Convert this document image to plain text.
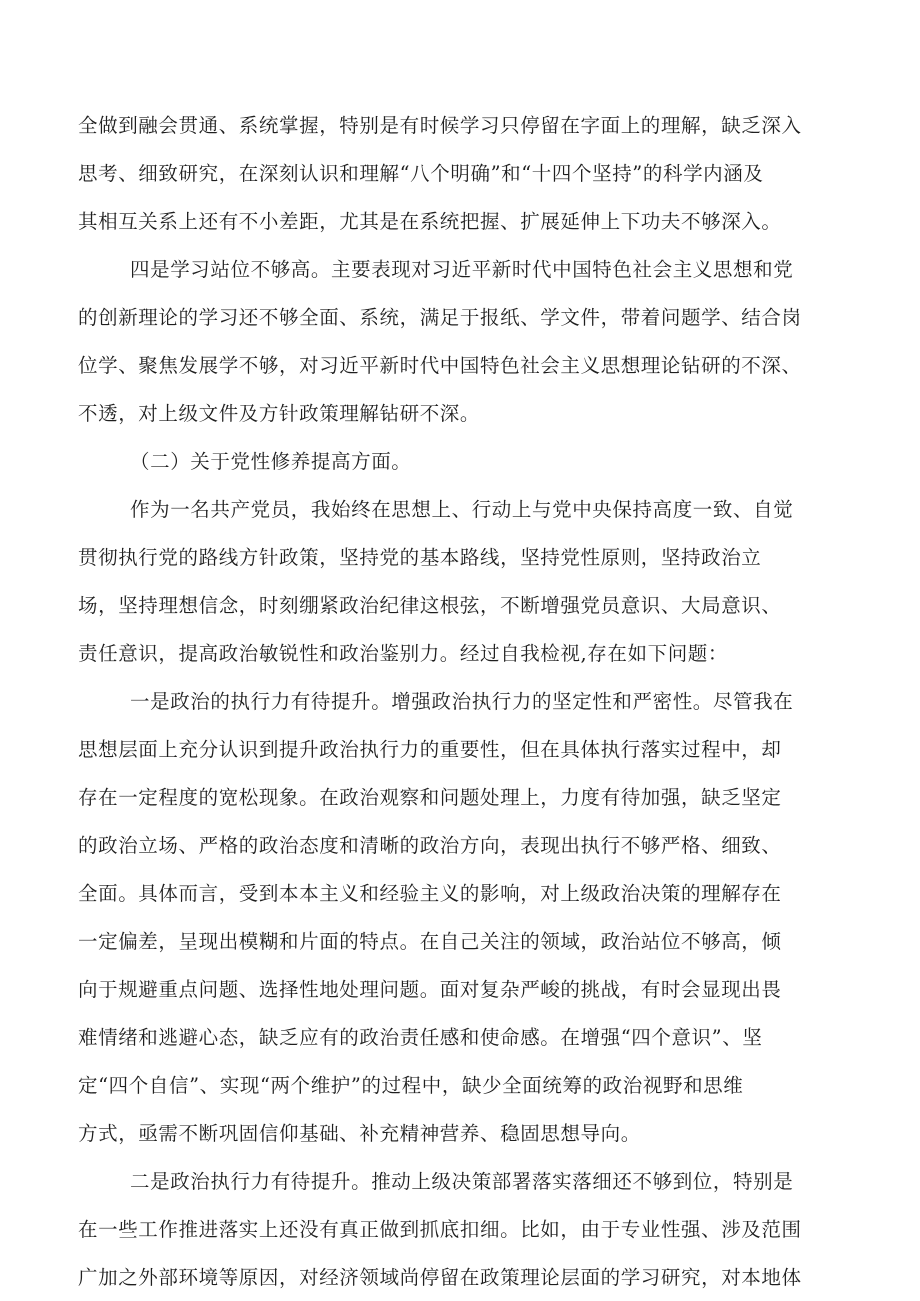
全做到融会贯通、系统掌握，特别是有时候学习只停留在字面上的理解，缺乏深入
思考、细致研究，在深刻认识和理解“八个明确”和“十四个坚持”的科学内涵及
其相互关系上还有不小差距，尤其是在系统把握、扩展延伸上下功夫不够深入。
四是学习站位不够高。主要表现对习近平新时代中国特色社会主义思想和党
的创新理论的学习还不够全面、系统，满足于报纸、学文件，带着问题学、结合岗
位学、聚焦发展学不够，对习近平新时代中国特色社会主义思想理论钻研的不深、
不透，对上级文件及方针政策理解钻研不深。
（二）关于党性修养提高方面。
作为一名共产党员，我始终在思想上、行动上与党中央保持高度一致、自觉
贯彻执行党的路线方针政策，坚持党的基本路线，坚持党性原则，坚持政治立
场，坚持理想信念，时刻绷紧政治纪律这根弦，不断增强党员意识、大局意识、
责任意识，提高政治敏锐性和政治鉴别力。经过自我检视,存在如下问题：
一是政治的执行力有待提升。增强政治执行力的坚定性和严密性。尽管我在
思想层面上充分认识到提升政治执行力的重要性，但在具体执行落实过程中，却
存在一定程度的宽松现象。在政治观察和问题处理上，力度有待加强，缺乏坚定
的政治立场、严格的政治态度和清晰的政治方向，表现出执行不够严格、细致、
全面。具体而言，受到本本主义和经验主义的影响，对上级政治决策的理解存在
一定偏差，呈现出模糊和片面的特点。在自己关注的领域，政治站位不够高，倾
向于规避重点问题、选择性地处理问题。面对复杂严峻的挑战，有时会显现出畏
难情绪和逃避心态，缺乏应有的政治责任感和使命感。在增强“四个意识”、坚
定“四个自信”、实现“两个维护”的过程中，缺少全面统筹的政治视野和思维
方式，亟需不断巩固信仰基础、补充精神营养、稳固思想导向。
二是政治执行力有待提升。推动上级决策部署落实落细还不够到位，特别是
在一些工作推进落实上还没有真正做到抓底扣细。比如，由于专业性强、涉及范围
广加之外部环境等原因，对经济领域尚停留在政策理论层面的学习研究，对本地体
